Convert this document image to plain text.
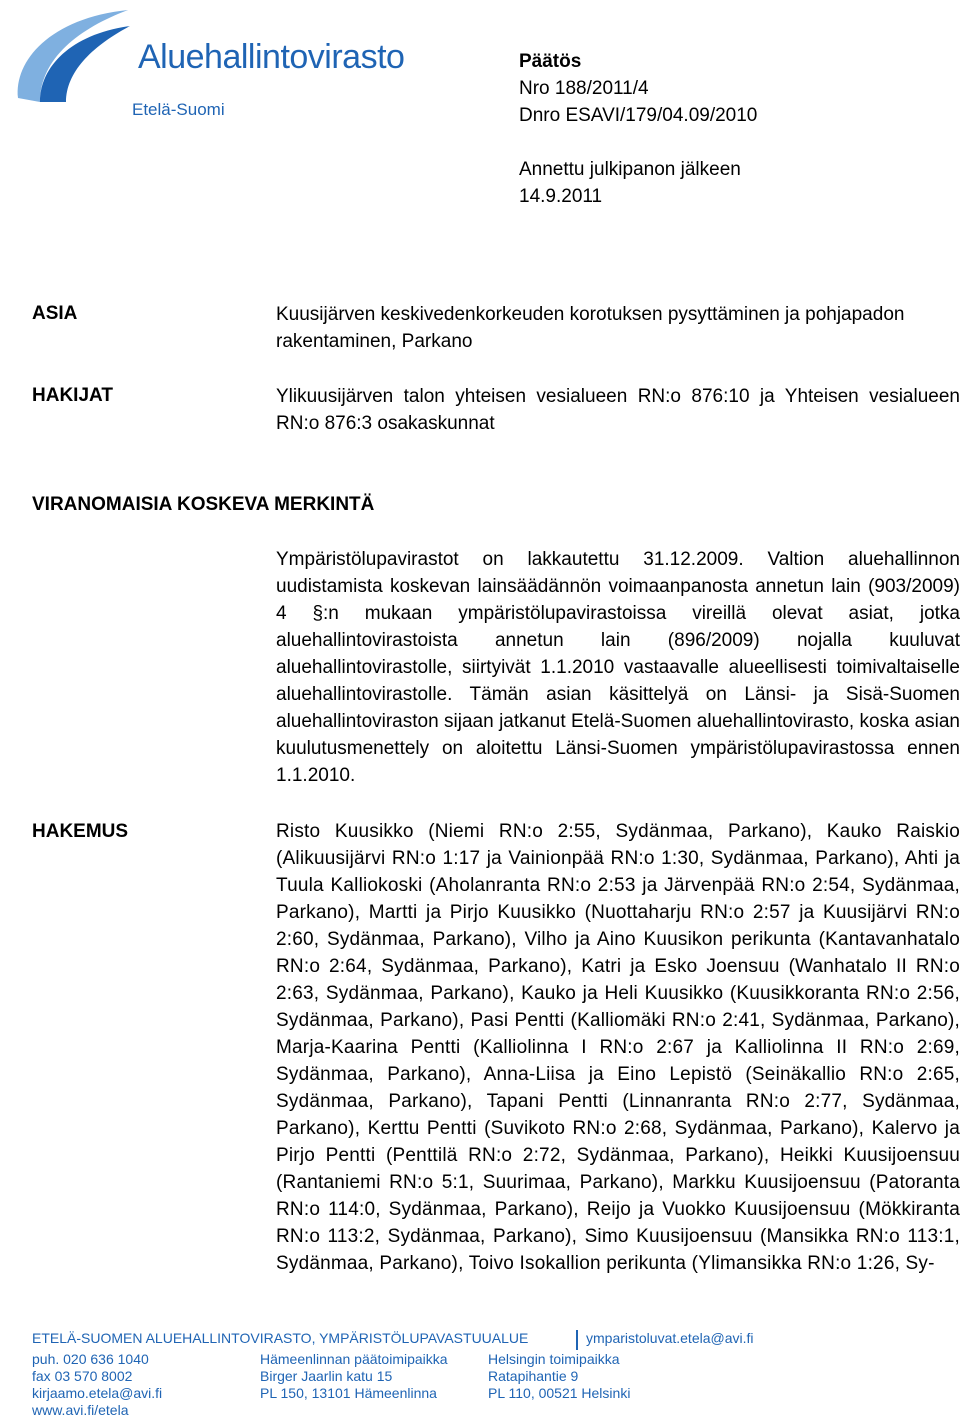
Aluehallintovirasto
Etelä-Suomi
Päätös
Nro 188/2011/4
Dnro ESAVI/179/04.09/2010
Annettu julkipanon jälkeen
14.9.2011
ASIA	Kuusijärven keskivedenkorkeuden korotuksen pysyttäminen ja pohjapadon rakentaminen, Parkano
HAKIJAT	Ylikuusijärven talon yhteisen vesialueen RN:o 876:10 ja Yhteisen vesialueen RN:o 876:3 osakaskunnat
VIRANOMAISIA KOSKEVA MERKINTÄ
Ympäristölupavirastot on lakkautettu 31.12.2009. Valtion aluehallinnon uudistamista koskevan lainsäädännön voimaanpanosta annetun lain (903/2009) 4 §:n mukaan ympäristölupavirastoissa vireillä olevat asiat, jotka aluehallintovirastoista annetun lain (896/2009) nojalla kuuluvat aluehallintovirastolle, siirtyivät 1.1.2010 vastaavalle alueellisesti toimivaltaiselle aluehallintovirastolle. Tämän asian käsittelyä on Länsi- ja Sisä-Suomen aluehallintoviraston sijaan jatkanut Etelä-Suomen aluehallintovirasto, koska asian kuulutusmenettely on aloitettu Länsi-Suomen ympäristölupavirastossa ennen 1.1.2010.
HAKEMUS	Risto Kuusikko (Niemi RN:o 2:55, Sydänmaa, Parkano), Kauko Raiskio (Alikuusijärvi RN:o 1:17 ja Vainionpää RN:o 1:30, Sydänmaa, Parkano), Ahti ja Tuula Kalliokoski (Aholanranta RN:o 2:53 ja Järvenpää RN:o 2:54, Sydänmaa, Parkano), Martti ja Pirjo Kuusikko (Nuottaharju RN:o 2:57 ja Kuusijärvi RN:o 2:60, Sydänmaa, Parkano), Vilho ja Aino Kuusikon perikunta (Kantavanhatalo RN:o 2:64, Sydänmaa, Parkano), Katri ja Esko Joensuu (Wanhatalo II RN:o 2:63, Sydänmaa, Parkano), Kauko ja Heli Kuusikko (Kuusikkoranta RN:o 2:56, Sydänmaa, Parkano), Pasi Pentti (Kalliomäki RN:o 2:41, Sydänmaa, Parkano), Marja-Kaarina Pentti (Kalliolinna I RN:o 2:67 ja Kalliolinna II RN:o 2:69, Sydänmaa, Parkano), Anna-Liisa ja Eino Lepistö (Seinäkallio RN:o 2:65, Sydänmaa, Parkano), Tapani Pentti (Linnanranta RN:o 2:77, Sydänmaa, Parkano), Kerttu Pentti (Suvikoto RN:o 2:68, Sydänmaa, Parkano), Kalervo ja Pirjo Pentti (Penttilä RN:o 2:72, Sydänmaa, Parkano), Heikki Kuusijoensuu (Rantaniemi RN:o 5:1, Suurimaa, Parkano), Markku Kuusijoensuu (Patoranta RN:o 114:0, Sydänmaa, Parkano), Reijo ja Vuokko Kuusijoensuu (Mökkiranta RN:o 113:2, Sydänmaa, Parkano), Simo Kuusijoensuu (Mansikka RN:o 113:1, Sydänmaa, Parkano), Toivo Isokallion perikunta (Ylimansikka RN:o 1:26, Sy-
ETELÄ-SUOMEN ALUEHALLINTOVIRASTO, YMPÄRISTÖLUPAVASTUUALUE	ymparistoluvat.etela@avi.fi
puh. 020 636 1040
fax 03 570 8002
kirjaamo.etela@avi.fi
www.avi.fi/etela
Hämeenlinnan päätoimipaikka
Birger Jaarlin katu 15
PL 150, 13101 Hämeenlinna
Helsingin toimipaikka
Ratapihantie 9
PL 110, 00521 Helsinki
